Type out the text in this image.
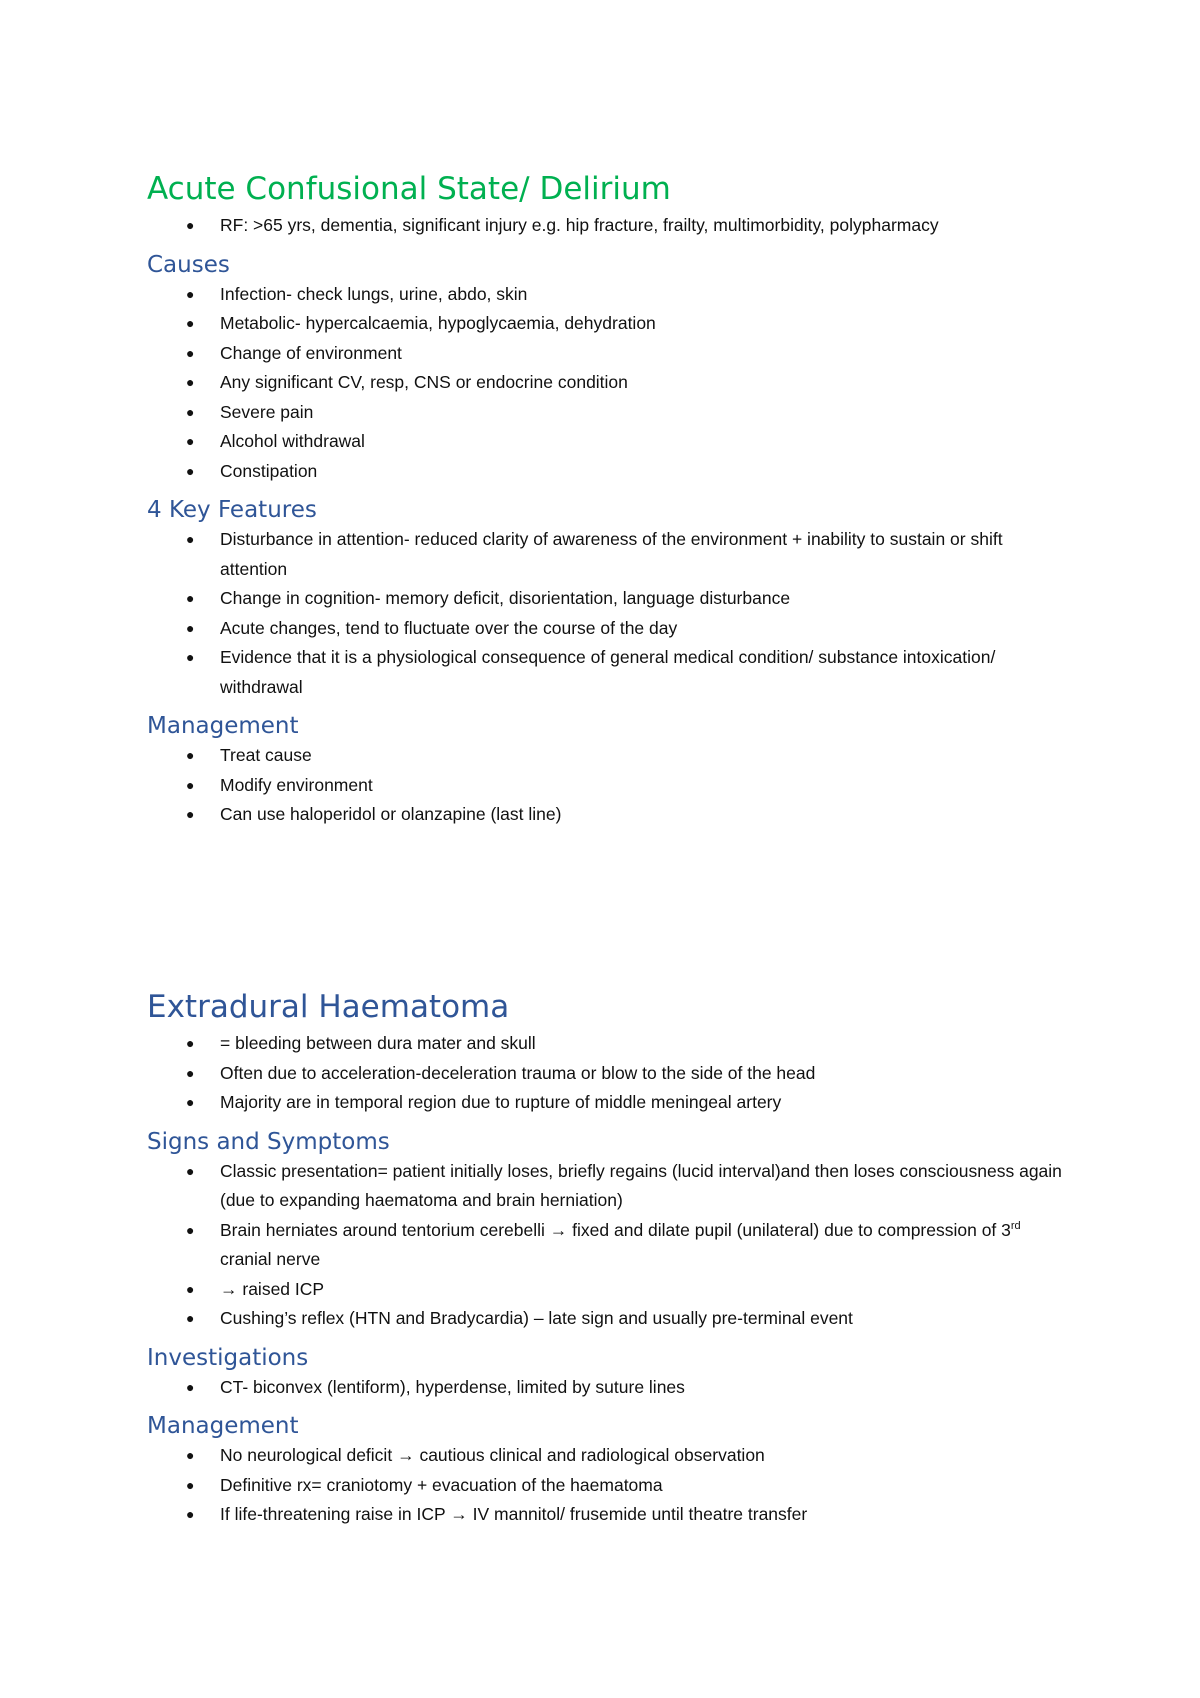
Acute Confusional State/ Delirium
● RF: >65 yrs, dementia, significant injury e.g. hip fracture, frailty, multimorbidity, polypharmacy
Causes
● Infection- check lungs, urine, abdo, skin
● Metabolic- hypercalcaemia, hypoglycaemia, dehydration
● Change of environment
● Any significant CV, resp, CNS or endocrine condition
● Severe pain
● Alcohol withdrawal
● Constipation
4 Key Features
● Disturbance in attention- reduced clarity of awareness of the environment + inability to sustain or shift attention
● Change in cognition- memory deficit, disorientation, language disturbance
● Acute changes, tend to fluctuate over the course of the day
● Evidence that it is a physiological consequence of general medical condition/ substance intoxication/ withdrawal
Management
● Treat cause
● Modify environment
● Can use haloperidol or olanzapine (last line)
Extradural Haematoma
● = bleeding between dura mater and skull
● Often due to acceleration-deceleration trauma or blow to the side of the head
● Majority are in temporal region due to rupture of middle meningeal artery
Signs and Symptoms
● Classic presentation= patient initially loses, briefly regains (lucid interval)and then loses consciousness again (due to expanding haematoma and brain herniation)
● Brain herniates around tentorium cerebelli → fixed and dilate pupil (unilateral) due to compression of 3rd cranial nerve
● → raised ICP
● Cushing’s reflex (HTN and Bradycardia) – late sign and usually pre-terminal event
Investigations
● CT- biconvex (lentiform), hyperdense, limited by suture lines
Management
● No neurological deficit → cautious clinical and radiological observation
● Definitive rx= craniotomy + evacuation of the haematoma
● If life-threatening raise in ICP → IV mannitol/ frusemide until theatre transfer
